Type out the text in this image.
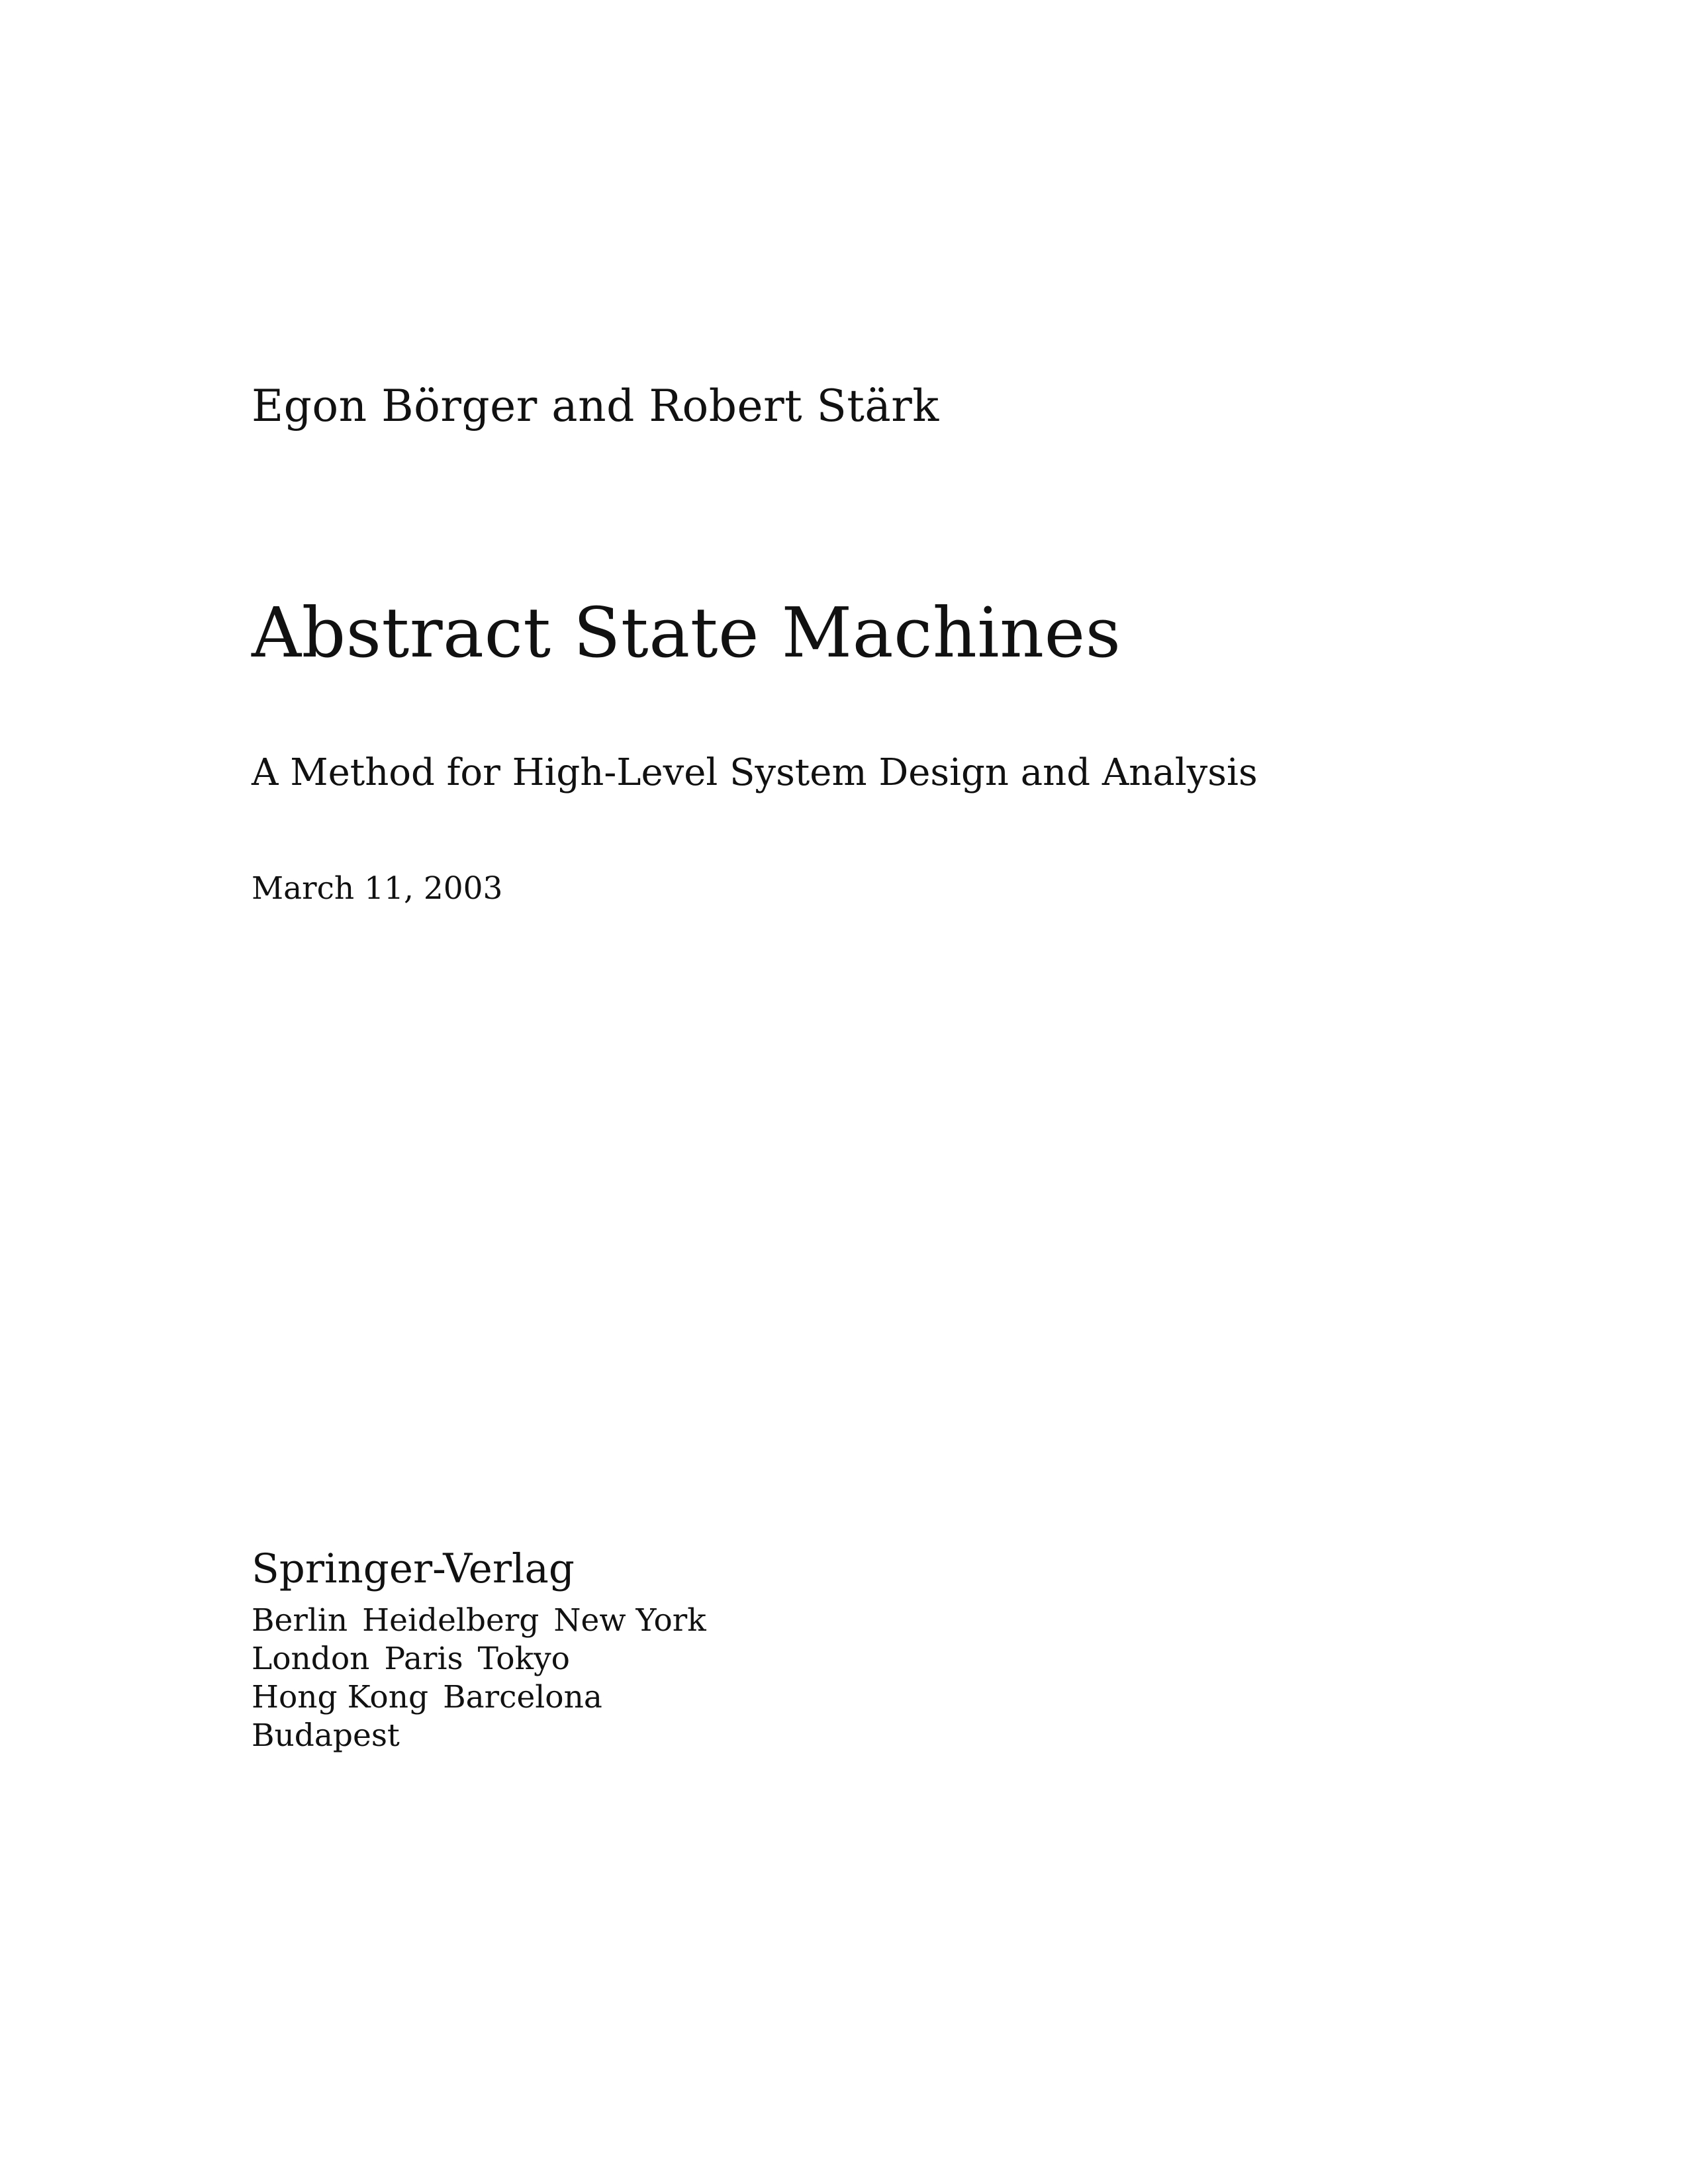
Egon Börger and Robert Stärk
Abstract State Machines
A Method for High-Level System Design and Analysis
March 11, 2003
Springer-Verlag
Berlin Heidelberg New York
London Paris Tokyo
Hong Kong Barcelona
Budapest
